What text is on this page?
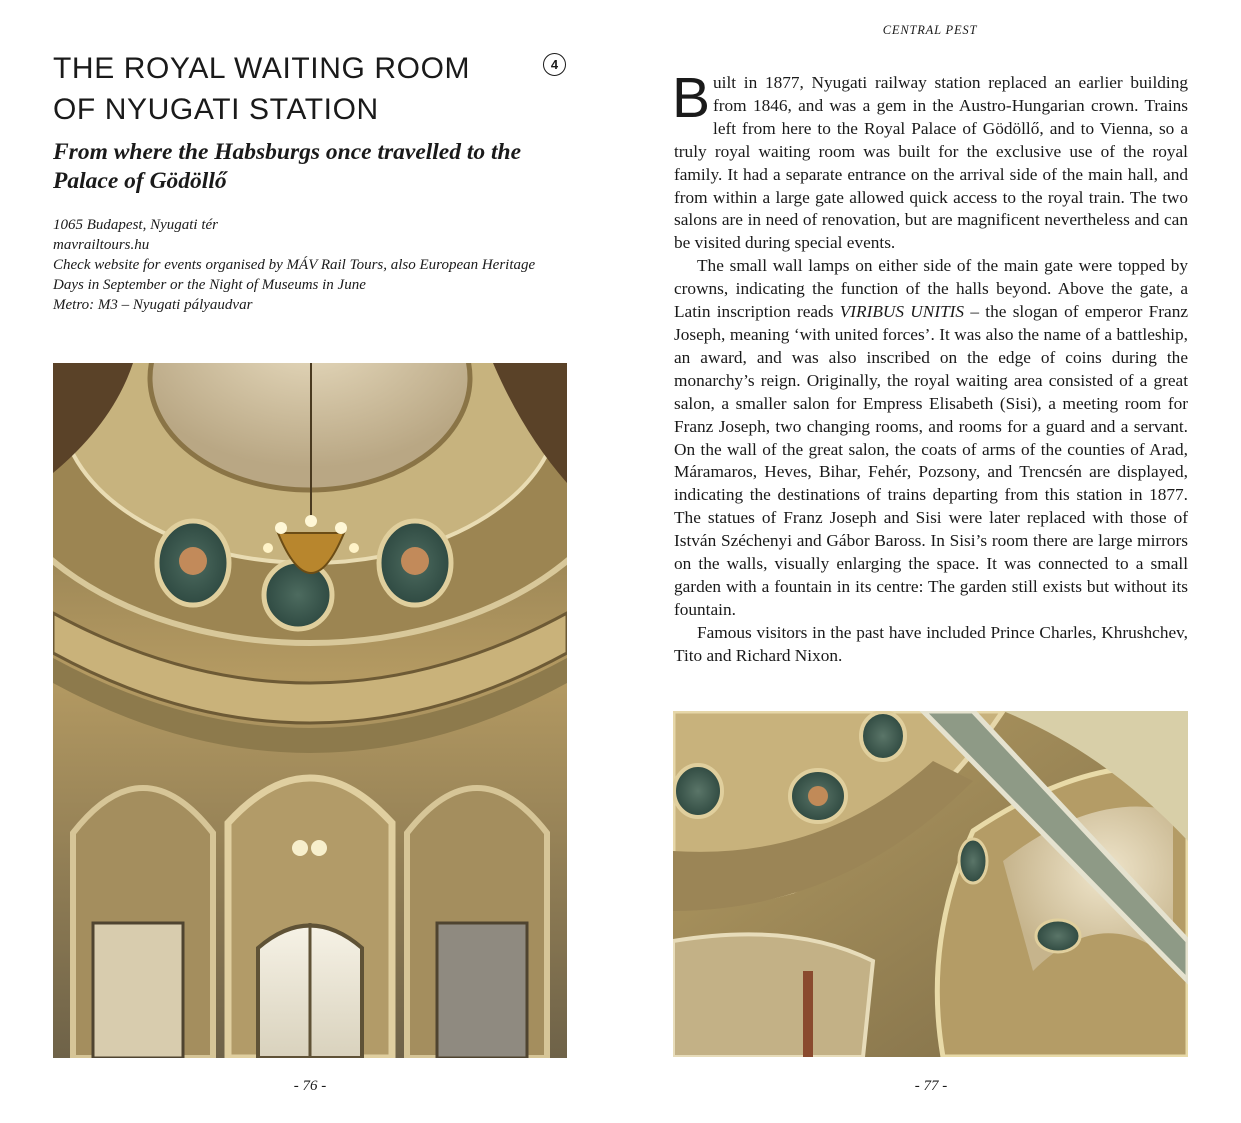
THE ROYAL WAITING ROOM
OF NYUGATI STATION
4
From where the Habsburgs once travelled to the
Palace of Gödöllő
1065 Budapest, Nyugati tér
mavrailtours.hu
Check website for events organised by MÁV Rail Tours, also European Heritage
Days in September or the Night of Museums in June
Metro: M3 – Nyugati pályaudvar
- 76 -
CENTRAL PEST

Built in 1877, Nyugati railway station replaced an earlier building from 1846, and was a gem in the Austro-Hungarian crown. Trains left from here to the Royal Palace of Gödöllő, and to Vienna, so a truly royal waiting room was built for the exclusive use of the royal family. It had a separate entrance on the arrival side of the main hall, and from within a large gate allowed quick access to the royal train. The two salons are in need of renovation, but are magnificent nevertheless and can be visited during special events.

The small wall lamps on either side of the main gate were topped by crowns, indicating the function of the halls beyond. Above the gate, a Latin inscription reads VIRIBUS UNITIS – the slogan of emperor Franz Joseph, meaning ‘with united forces’. It was also the name of a battleship, an award, and was also inscribed on the edge of coins during the monarchy’s reign. Originally, the royal waiting area consisted of a great salon, a smaller salon for Empress Elisabeth (Sisi), a meeting room for Franz Joseph, two changing rooms, and rooms for a guard and a servant. On the wall of the great salon, the coats of arms of the counties of Arad, Máramaros, Heves, Bihar, Fehér, Pozsony, and Trencsén are displayed, indicating the destinations of trains departing from this station in 1877. The statues of Franz Joseph and Sisi were later replaced with those of István Széchenyi and Gábor Baross. In Sisi’s room there are large mirrors on the walls, visually enlarging the space. It was connected to a small garden with a fountain in its centre: The garden still exists but without its fountain.

Famous visitors in the past have included Prince Charles, Khrushchev, Tito and Richard Nixon.

- 77 -
